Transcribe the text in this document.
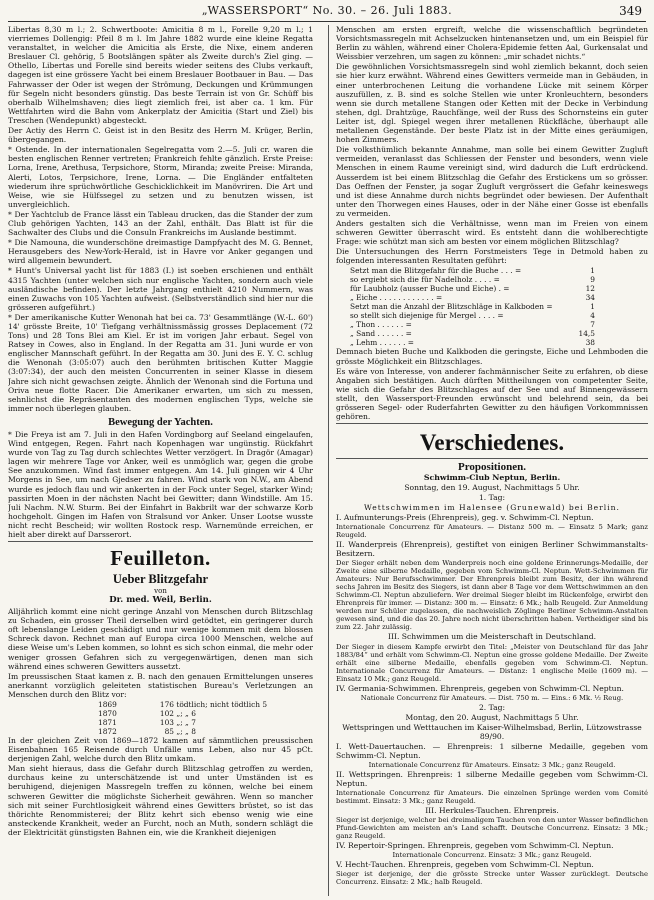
„WASSERSPORT“ No. 30. – 26. Juli 1883.	349

Libertas 8,30 m l.; 2. Schwertboote: Amicitia 8 m l., Forelle 9,20 m l.; 1 vierriemes Dollengig: Pfeil 8 m l. Im Jahre 1882 wurde eine kleine Regatta veranstaltet, in welcher die Amicitia als Erste, die Nixe, einem anderen Breslauer Cl. gehörig, 5 Bootslängen später als Zweite durch's Ziel ging. — Othello, Libertas und Forelle sind bereits wieder seitens des Clubs verkauft, dagegen ist eine grössere Yacht bei einem Breslauer Bootbauer in Bau. — Das Fahrwasser der Oder ist wegen der Strömung, Deckungen und Krümmungen für Segeln nicht besonders günstig. Das beste Terrain ist von Gr. Schüff bis oberhalb Wilhelmshaven; dies liegt ziemlich frei, ist aber ca. 1 km. Für Wettfahrten wird die Bahn vom Ankerplatz der Amicitia (Start und Ziel) bis Treschen (Wendepunkt) abgesteckt.

Der Actiy des Herrn C. Geist ist in den Besitz des Herrn M. Krüger, Berlin, übergegangen.

* Ostende. In der internationalen Segelregatta vom 2.—5. Juli cr. waren die besten englischen Renner vertreten; Frankreich fehlte gänzlich. Erste Preise: Lorna, Irene, Arethusa, Terpsichore, Storm, Miranda; zweite Preise: Miranda, Alerti, Lotos, Terpsichore, Irene, Lorna. — Die Engländer entfalteten wiederum ihre sprüchwörtliche Geschicklichkeit im Manövriren. Die Art und Weise, wie sie Hülfssegel zu setzen und zu benutzen wissen, ist unvergleichlich.

* Der Yachtclub de France lässt ein Tableau drucken, das die Stander der zum Club gehörigen Yachten, 143 an der Zahl, enthält. Das Blatt ist für die Sachwalter des Clubs und die Consuln Frankreichs im Auslande bestimmt.

* Die Namouna, die wunderschöne dreimastige Dampfyacht des M. G. Bennet, Herausgebers des New-York-Herald, ist in Havre vor Anker gegangen und wird allgemein bewundert.

* Hunt's Universal yacht list für 1883 (I.) ist soeben erschienen und enthält 4315 Yachten (unter welchen sich nur englische Yachten, sondern auch viele ausländische befinden). Der letzte Jahrgang enthielt 4210 Nummern, was einen Zuwachs von 105 Yachten aufweist. (Selbstverständlich sind hier nur die grösseren aufgeführt.)

* Der amerikanische Kutter Wenonah hat bei ca. 73' Gesammtlänge (W.-L. 60') 14' grösste Breite, 10' Tiefgang verhältnissmässig grosses Deplacement (72 Tons) und 28 Tons Blei am Kiel. Er ist im vorigen Jahr erbaut. Segel von Ratsey in Cowes, also in England. In der Regatta am 31. Juni wurde er von englischer Mannschaft geführt. In der Regatta am 30. Juni des E. Y. C. schlug die Wenonah (3:05:07) auch den berühmten britischen Kutter Maggie (3:07:34), der auch den meisten Concurrenten in seiner Klasse in diesem Jahre sich nicht gewachsen zeigte. Ähnlich der Wenonah sind die Fortuna und Oriva neue flotte Racer. Die Amerikaner erwarten, um sich zu messen, sehnlichst die Repräsentanten des modernen englischen Typs, welche sie immer noch überlegen glauben.

Bewegung der Yachten.

* Die Freya ist am 7. Juli in den Hafen Vordingborg auf Seeland eingelaufen, Wind entgegen, Regen. Fahrt nach Kopenhagen war ungünstig. Rückfahrt wurde von Tag zu Tag durch schlechtes Wetter verzögert. In Dragör (Amagar) lagen wir mehrere Tage vor Anker, weil es unmöglich war, gegen die grobe See anzukommen. Wind fast immer entgegen. Am 14. Juli gingen wir 4 Uhr Morgens in See, um nach Gjedser zu fahren. Wind stark von N.W., am Abend wurde es jedoch flau und wir ankerten in der Fock unter Segel, starker Wind; passirten Moen in der nächsten Nacht bei Gewitter; dann Windstille. Am 15. Juli Nachm. N.W. Sturm. Bei der Einfahrt in Bakbrilt war der schwarze Korb hochgeholt. Gingen im Hafen von Stralsund vor Anker. Unser Lootse wusste nicht recht Bescheid; wir wollten Rostock resp. Warnemünde erreichen, er hielt aber direkt auf Darsserort.

Feuilleton.
Ueber Blitzgefahr
von
Dr. med. Weil, Berlin.

Alljährlich kommt eine nicht geringe Anzahl von Menschen durch Blitzschlag zu Schaden, ein grosser Theil derselben wird getödtet, ein geringerer durch oft lebenslange Leiden geschädigt und nur wenige kommen mit dem blossen Schreck davon. Rechnet man auf Europa circa 1000 Menschen, welche auf diese Weise um's Leben kommen, so lohnt es sich schon einmal, die mehr oder weniger grossen Gefahren sich zu vergegenwärtigen, denen man sich während eines schweren Gewitters aussetzt.

Im preussischen Staat kamen z. B. nach den genauen Ermittelungen unseres anerkannt vorzüglich geleiteten statistischen Bureau's Verletzungen an Menschen durch den Blitz vor:

1869	176 tödtlich; nicht tödtlich 5
1870	102 „; „ 6
1871	103 „; „ 7
1872	85 „; „ 8

In der gleichen Zeit von 1869—1872 kamen auf sämmtlichen preussischen Eisenbahnen 165 Reisende durch Unfälle ums Leben, also nur 45 pCt. derjenigen Zahl, welche durch den Blitz umkam.

Man sieht hieraus, dass die Gefahr durch Blitzschlag getroffen zu werden, durchaus keine zu unterschätzende ist und unter Umständen ist es beruhigend, diejenigen Massregeln treffen zu können, welche bei einem schweren Gewitter die möglichste Sicherheit gewähren. Wenn so mancher sich mit seiner Furchtlosigkeit während eines Gewitters brüstet, so ist das thörichte Renommisterei; der Blitz kehrt sich ebenso wenig wie eine ansteckende Krankheit, weder an Furcht, noch an Muth, sondern schlägt die der Elektricität günstigsten Bahnen ein, wie die Krankheit diejenigen

Menschen am ersten ergreift, welche die wissenschaftlich begründeten Vorsichtsmassregeln mit Achselzucken hintenansetzen und, um ein Beispiel für Berlin zu wählen, während einer Cholera-Epidemie fetten Aal, Gurkensalat und Weissbier verzehren, um sagen zu können: „mir schadet nichts.“

Die gewöhnlichen Vorsichtsmassregeln sind wohl ziemlich bekannt, doch seien sie hier kurz erwähnt. Während eines Gewitters vermeide man in Gebäuden, in einer unterbrochenen Leitung die vorhandene Lücke mit seinem Körper auszufüllen, z. B. sind es solche Stellen wie unter Kronleuchtern, besonders wenn sie durch metallene Stangen oder Ketten mit der Decke in Verbindung stehen, dgl. Drahtzüge, Rauchfänge, weil der Russ des Schornsteins ein guter Leiter ist, dgl. Spiegel wegen ihrer metallenen Rückfläche, überhaupt alle metallenen Gegenstände. Der beste Platz ist in der Mitte eines geräumigen, hohen Zimmers.

Die volksthümlich bekannte Annahme, man solle bei einem Gewitter Zugluft vermeiden, veranlasst das Schliessen der Fenster und besonders, wenn viele Menschen in einem Raume vereinigt sind, wird dadurch die Luft erdrückend. Ausserdem ist bei einem Blitzschlag die Gefahr des Erstickens um so grösser. Das Oeffnen der Fenster, ja sogar Zugluft vergrössert die Gefahr keineswegs und ist diese Annahme durch nichts begründet oder bewiesen. Der Aufenthalt unter den Thorwegen eines Hauses, oder in der Nähe einer Gosse ist ebenfalls zu vermeiden.

Anders gestalten sich die Verhältnisse, wenn man im Freien von einem schweren Gewitter überrascht wird. Es entsteht dann die wohlberechtigte Frage: wie schützt man sich am besten vor einem möglichen Blitzschlag?

Die Untersuchungen des Herrn Forstmeisters Tege in Detmold haben zu folgenden interessanten Resultaten geführt:

Setzt man die Blitzgefahr für die Buche . . . =	1
so ergiebt sich die für Nadelholz . . . . =	9
für Laubholz (ausser Buche und Eiche) . =	12
„ Eiche . . . . . . . . . . . . =	34
Setzt man die Anzahl der Blitzschläge in Kalkboden =	1
so stellt sich diejenige für Mergel . . . . =	4
„ Thon . . . . . . =	7
„ Sand . . . . . . =	14,5
„ Lehm . . . . . . =	38

Demnach bieten Buche und Kalkboden die geringste, Eiche und Lehmboden die grösste Möglichkeit ein Blitzschlages.

Es wäre von Interesse, von anderer fachmännischer Seite zu erfahren, ob diese Angaben sich bestätigen. Auch dürften Mittheilungen von competenter Seite, wie sich die Gefahr des Blitzschlages auf der See und auf Binnengewässern stellt, den Wassersport-Freunden erwünscht und belehrend sein, da bei grösseren Segel- oder Ruderfahrten Gewitter zu den häufigen Vorkommnissen gehören.

Verschiedenes.
Propositionen.
Schwimm-Club Neptun, Berlin.
Sonntag, den 19. August, Nachmittags 5 Uhr.
1. Tag:
Wettschwimmen im Halensee (Grunewald) bei Berlin.

I. Aufmunterungs-Preis (Ehrenpreis), geg. v. Schwimm-Cl. Neptun.

Internationale Concurrenz für Amateurs. — Distanz 500 m. — Einsatz 5 Mark; ganz Reugeld.

II. Wanderpreis (Ehrenpreis), gestiftet von einigen Berliner Schwimmanstalts-Besitzern.

Der Sieger erhält neben dem Wanderpreis noch eine goldene Erinnerungs-Medaille, der Zweite eine silberne Medaille, gegeben vom Schwimm-Cl. Neptun. Wett-Schwimmen für Amateurs: Nur Berufsschwimmer. Der Ehrenpreis bleibt zum Besitz, der ihn während sechs Jahren im Besitz des Siegers, ist dann aber 8 Tage vor dem Wettschwimmen an den Schwimm-Cl. Neptun abzuliefern. Wer dreimal Sieger bleibt im Rückenfolge, erwirbt den Ehrenpreis für immer. — Distanz: 300 m. — Einsatz: 6 Mk.; halb Reugeld. Zur Anmeldung werden nur Schüler zugelassen, die nachweislich Zöglinge Berliner Schwimm-Anstalten gewesen sind, und die das 20. Jahre noch nicht überschritten haben. Vertheidiger sind bis zum 22. Jahr zulässig.

III. Schwimmen um die Meisterschaft in Deutschland.

Der Sieger in diesem Kampfe erwirbt den Titel: „Meister von Deutschland für das Jahr 1883/84“ und erhält vom Schwimm-Cl. Neptun eine grosse goldene Medaille. Der Zweite erhält eine silberne Medaille, ebenfalls gegeben vom Schwimm-Cl. Neptun. Internationale Concurrenz für Amateurs. — Distanz: 1 englische Meile (1609 m). — Einsatz 10 Mk.; ganz Reugeld.

IV. Germania-Schwimmen. Ehrenpreis, gegeben von Schwimm-Cl. Neptun.

Nationale Concurrenz für Amateurs. — Dist. 750 m. — Eins.: 6 Mk. ½ Reug.

2. Tag:
Montag, den 20. August, Nachmittags 5 Uhr.
Wettspringen und Wetttauchen im Kaiser-Wilhelmsbad, Berlin, Lützowstrasse 89/90.

I. Wett-Dauertauchen. — Ehrenpreis: 1 silberne Medaille, gegeben vom Schwimm-Cl. Neptun.

Internationale Concurrenz für Amateurs. Einsatz: 3 Mk.; ganz Reugeld.

II. Wettspringen. Ehrenpreis: 1 silberne Medaille gegeben vom Schwimm-Cl. Neptun.

Internationale Concurrenz für Amateurs. Die einzelnen Sprünge werden vom Comité bestimmt. Einsatz: 3 Mk.; ganz Reugeld.

III. Herkules-Tauchen. Ehrenpreis.

Sieger ist derjenige, welcher bei dreimaligem Tauchen von den unter Wasser befindlichen Pfund-Gewichten am meisten an's Land schafft. Deutsche Concurrenz. Einsatz: 3 Mk.; ganz Reugeld.

IV. Repertoir-Springen. Ehrenpreis, gegeben vom Schwimm-Cl. Neptun.

Internationale Concurrenz. Einsatz: 3 Mk.; ganz Reugeld.

V. Hecht-Tauchen. Ehrenpreis, gegeben vom Schwimm-Cl. Neptun.

Sieger ist derjenige, der die grösste Strecke unter Wasser zurücklegt. Deutsche Concurrenz. Einsatz: 2 Mk.; halb Reugeld.
